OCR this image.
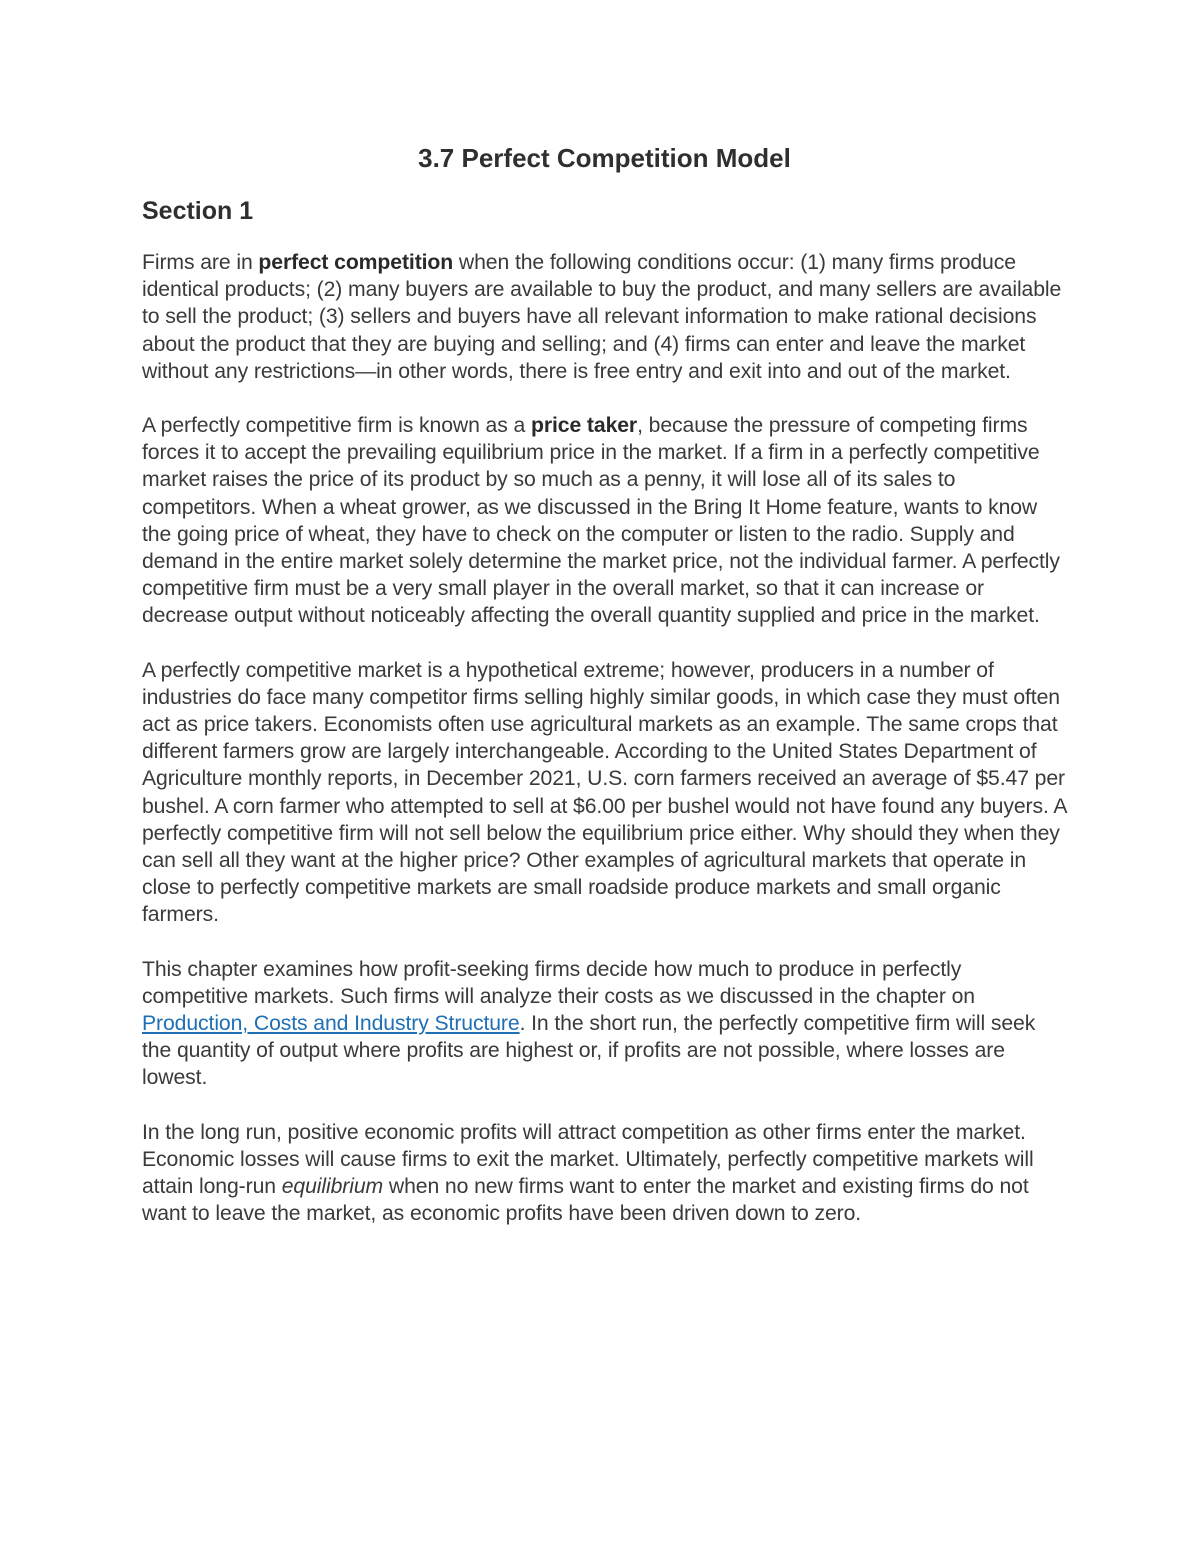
3.7 Perfect Competition Model
Section 1

Firms are in perfect competition when the following conditions occur: (1) many firms produce identical products; (2) many buyers are available to buy the product, and many sellers are available to sell the product; (3) sellers and buyers have all relevant information to make rational decisions about the product that they are buying and selling; and (4) firms can enter and leave the market without any restrictions—in other words, there is free entry and exit into and out of the market.

A perfectly competitive firm is known as a price taker, because the pressure of competing firms forces it to accept the prevailing equilibrium price in the market. If a firm in a perfectly competitive market raises the price of its product by so much as a penny, it will lose all of its sales to competitors. When a wheat grower, as we discussed in the Bring It Home feature, wants to know the going price of wheat, they have to check on the computer or listen to the radio. Supply and demand in the entire market solely determine the market price, not the individual farmer. A perfectly competitive firm must be a very small player in the overall market, so that it can increase or decrease output without noticeably affecting the overall quantity supplied and price in the market.

A perfectly competitive market is a hypothetical extreme; however, producers in a number of industries do face many competitor firms selling highly similar goods, in which case they must often act as price takers. Economists often use agricultural markets as an example. The same crops that different farmers grow are largely interchangeable. According to the United States Department of Agriculture monthly reports, in December 2021, U.S. corn farmers received an average of $5.47 per bushel. A corn farmer who attempted to sell at $6.00 per bushel would not have found any buyers. A perfectly competitive firm will not sell below the equilibrium price either. Why should they when they can sell all they want at the higher price? Other examples of agricultural markets that operate in close to perfectly competitive markets are small roadside produce markets and small organic farmers.

This chapter examines how profit-seeking firms decide how much to produce in perfectly competitive markets. Such firms will analyze their costs as we discussed in the chapter on Production, Costs and Industry Structure. In the short run, the perfectly competitive firm will seek the quantity of output where profits are highest or, if profits are not possible, where losses are lowest.

In the long run, positive economic profits will attract competition as other firms enter the market. Economic losses will cause firms to exit the market. Ultimately, perfectly competitive markets will attain long-run equilibrium when no new firms want to enter the market and existing firms do not want to leave the market, as economic profits have been driven down to zero.
